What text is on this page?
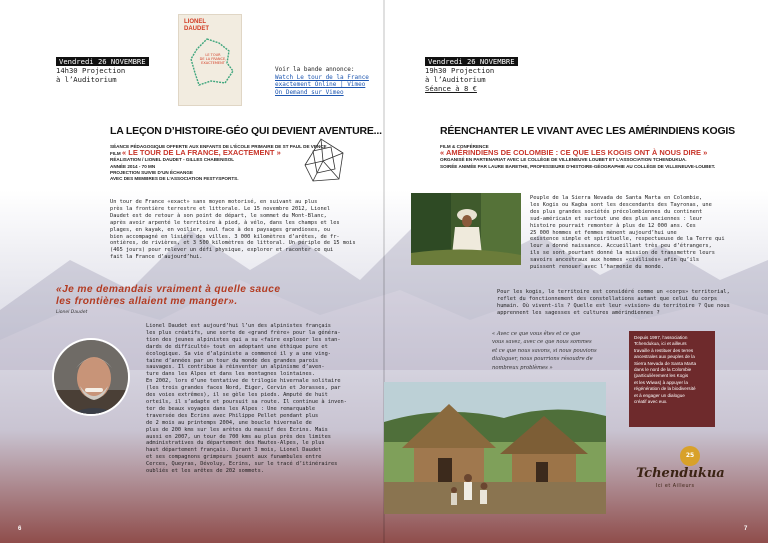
Vendredi 26 NOVEMBRE
14h30 Projection
à l’Auditorium
LIONEL
DAUDET
LE TOUR
DE LA FRANCE,
EXACTEMENT
Voir la bande annonce:
Watch Le tour de la France
exactement Online | Vimeo
On Demand sur Vimeo
LA LEÇON D’HISTOIRE-GÉO QUI DEVIENT AVENTURE...
SÉANCE PÉDAGOGIQUE OFFERTE AUX ENFANTS DE L’ÉCOLE PRIMAIRE DE ST PAUL DE VENCE
FILM « LE TOUR DE LA FRANCE, EXACTEMENT »
RÉALISATION / LIONEL DAUDET - GILLES CHABENISOL
ANNÉE 2014 - 70 MN
PROJECTION SUIVIE D’UN ÉCHANGE
AVEC DES MEMBRES DE L’ASSOCIATION FESTYSPORTS.
Un tour de France «exact» sans moyen motorisé, en suivant au plus
près la frontière terrestre et littorale. Le 15 novembre 2012, Lionel
Daudet est de retour à son point de départ, le sommet du Mont-Blanc,
après avoir arpenté le territoire à pied, à vélo, dans les champs et les
plages, en kayak, en voilier, seul face à des paysages grandioses, ou
bien accompagné en lisière des villes. 3 000 kilomètres d’arêtes, de fr-
ontières, de rivières, et 3 500 kilomètres de littoral. Un périple de 15 mois
(465 jours) pour relever un défi physique, explorer et raconter ce qui
fait la France d’aujourd’hui.
«Je me demandais vraiment à quelle sauce
les frontières allaient me manger».
Lionel Daudet
Lionel Daudet est aujourd’hui l’un des alpinistes français
les plus créatifs, une sorte de «grand frère» pour la généra-
tion des jeunes alpinistes qui a su «faire exploser les stan-
dards de difficulté» tout en adoptant une éthique pure et
écologique. Sa vie d’alpiniste a commencé il y a une ving-
taine d’années par un tour du monde des grandes parois
sauvages. Il contribue à réinventer un alpinisme d’aven-
ture dans les Alpes et dans les montagnes lointaines.
En 2002, lors d’une tentative de trilogie hivernale solitaire
(les trois grandes faces Nord, Eiger, Cervin et Jorasses, par
des voies extrêmes), il se gèle les pieds. Amputé de huit
orteils, il s’adapte et poursuit sa route. Il continue à inven-
ter de beaux voyages dans les Alpes : Une remarquable
traversée des Ecrins avec Philippe Pellet pendant plus
de 2 mois au printemps 2004, une boucle hivernale de
plus de 200 kms sur les arêtes du massif des Ecrins. Mais
aussi en 2007, un tour de 700 kms au plus près des limites
administratives du département des Hautes-Alpes, le plus
haut département français. Durant 3 mois, Lionel Daudet
et ses compagnons grimpeurs jouent aux funambules entre
Cerces, Queyras, Dévoluy, Ecrins, sur le tracé d’itinéraires
oubliés et les arêtes de 202 sommets.
6
Vendredi 26 NOVEMBRE
19h30 Projection
à l’Auditorium
Séance à 8 €
RÉENCHANTER LE VIVANT AVEC LES AMÉRINDIENS KOGIS
FILM & CONFÉRENCE
« AMÉRINDIENS DE COLOMBIE : CE QUE LES KOGIS ONT À NOUS DIRE »
ORGANISÉ EN PARTENARIAT AVEC LE COLLÈGE DE VILLENEUVE LOUBET ET L’ASSOCIATION TCHENDUKUA.
SOIRÉE ANIMÉE PAR LAURE BARETHE, PROFESSEURE D’HISTOIRE-GÉOGRAPHIE AU COLLÈGE DE VILLENEUVE-LOUBET.
Peuple de la Sierra Nevada de Santa Marta en Colombie,
les Kogis ou Kagba sont les descendants des Tayronas, une
des plus grandes sociétés précolombiennes du continent
sud-américain et surtout une des plus anciennes : leur
histoire pourrait remonter à plus de 12 000 ans. Ces
25 000 hommes et femmes mènent aujourd’hui une
existence simple et spirituelle, respectueuse de la Terre qui
leur a donné naissance. Accueillant très peu d’étrangers,
ils se sont pourtant donné la mission de transmettre leurs
savoirs ancestraux aux hommes «civilisés» afin qu’ils
puissent renouer avec l’harmonie du monde.
Pour les kogis, le territoire est considéré comme un «corps» territorial,
reflet du fonctionnement des constellations autant que celui du corps
humain. Où vivent-ils ? Quelle est leur «vision» du territoire ? Que nous
apprennent les sagesses et cultures amérindiennes ?
« Avec ce que vous êtes et ce que
vous savez, avec ce que nous sommes
et ce que nous savons, si nous pouvions
dialoguer, nous pourrions résoudre de
nombreux problèmes »
Depuis 1997, l’association
Tchendukua, ici et ailleurs
travaille à restituer des terres
ancestrales aux peuples de la
Sierra Nevada de Santa Marta
dans le nord de la Colombie
(particulièrement les Kogis
et les Wiwas) à appuyer la
régénération de la biodiversité
et à engager un dialogue
créatif avec eux.
25
Tchendukua
Ici et Ailleurs
7
